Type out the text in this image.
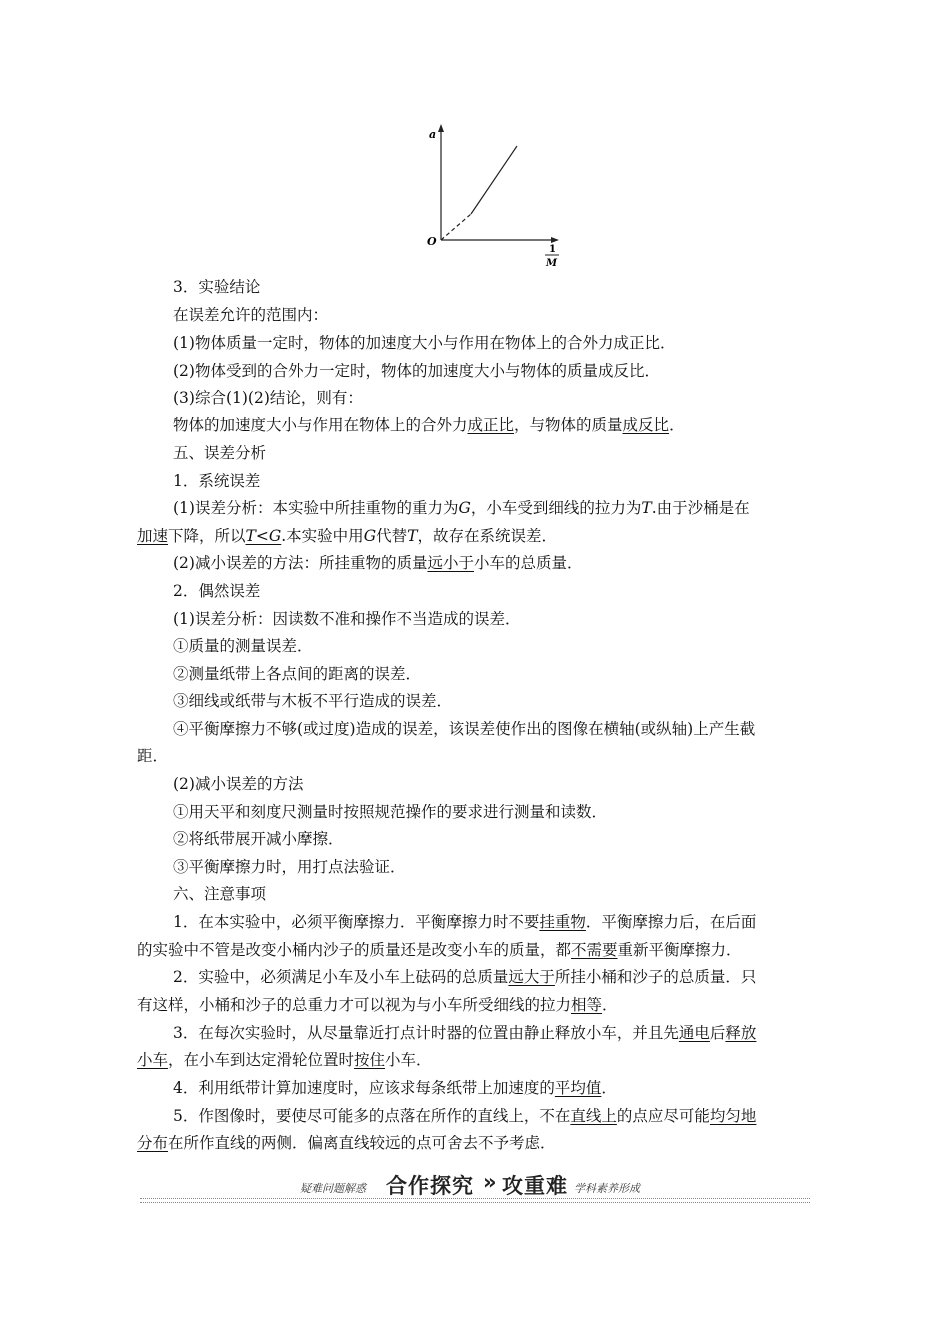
a
O
1
M
3．实验结论
在误差允许的范围内：
(1)物体质量一定时，物体的加速度大小与作用在物体上的合外力成正比．
(2)物体受到的合外力一定时，物体的加速度大小与物体的质量成反比．
(3)综合(1)(2)结论，则有：
物体的加速度大小与作用在物体上的合外力成正比，与物体的质量成反比．
五、误差分析
1．系统误差
(1)误差分析：本实验中所挂重物的重力为G，小车受到细线的拉力为T.由于沙桶是在
加速下降，所以T<G.本实验中用G代替T，故存在系统误差．
(2)减小误差的方法：所挂重物的质量远小于小车的总质量．
2．偶然误差
(1)误差分析：因读数不准和操作不当造成的误差．
①质量的测量误差．
②测量纸带上各点间的距离的误差．
③细线或纸带与木板不平行造成的误差．
④平衡摩擦力不够(或过度)造成的误差，该误差使作出的图像在横轴(或纵轴)上产生截
距．
(2)减小误差的方法
①用天平和刻度尺测量时按照规范操作的要求进行测量和读数．
②将纸带展开减小摩擦．
③平衡摩擦力时，用打点法验证．
六、注意事项
1．在本实验中，必须平衡摩擦力．平衡摩擦力时不要挂重物．平衡摩擦力后，在后面
的实验中不管是改变小桶内沙子的质量还是改变小车的质量，都不需要重新平衡摩擦力．
2．实验中，必须满足小车及小车上砝码的总质量远大于所挂小桶和沙子的总质量．只
有这样，小桶和沙子的总重力才可以视为与小车所受细线的拉力相等．
3．在每次实验时，从尽量靠近打点计时器的位置由静止释放小车，并且先通电后释放
小车，在小车到达定滑轮位置时按住小车．
4．利用纸带计算加速度时，应该求每条纸带上加速度的平均值．
5．作图像时，要使尽可能多的点落在所作的直线上，不在直线上的点应尽可能均匀地
分布在所作直线的两侧．偏离直线较远的点可舍去不予考虑．
疑难问题解惑 合作探究 » 攻重难 学科素养形成
